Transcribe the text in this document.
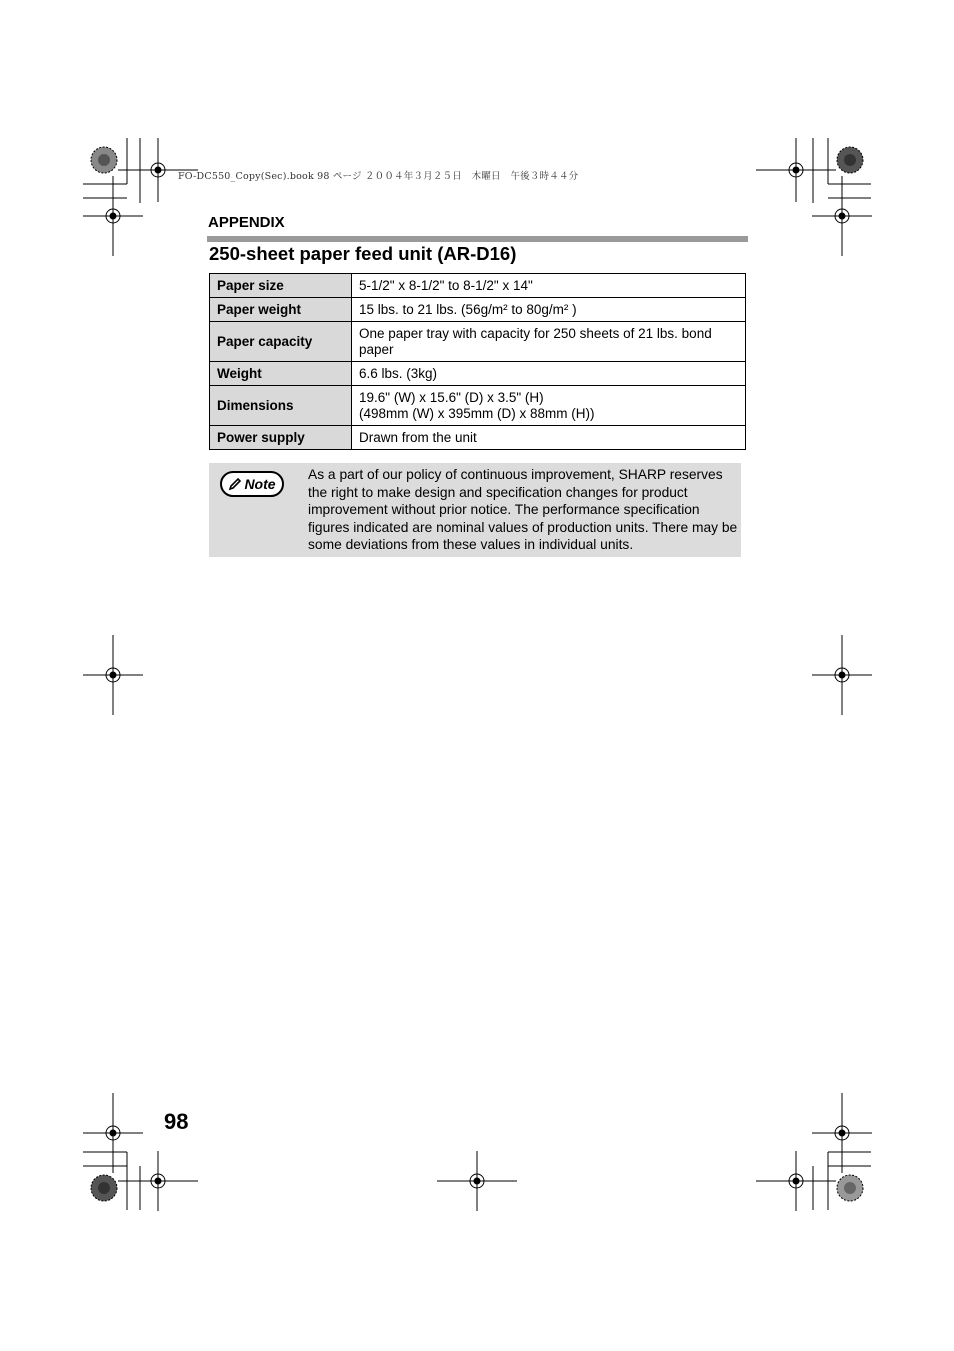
FO-DC550_Copy(Sec).book 98 ページ ２００４年３月２５日　木曜日　午後３時４４分
APPENDIX
250-sheet paper feed unit (AR-D16)
Paper size	5-1/2" x 8-1/2" to 8-1/2" x 14"
Paper weight	15 lbs. to 21 lbs. (56g/m² to 80g/m² )
Paper capacity	One paper tray with capacity for 250 sheets of 21 lbs. bond paper
Weight	6.6 lbs. (3kg)
Dimensions	19.6" (W) x 15.6" (D) x 3.5" (H)
(498mm (W) x 395mm (D) x 88mm (H))

Power supply	Drawn from the unit
Note
As a part of our policy of continuous improvement, SHARP reserves the right to make design and specification changes for product improvement without prior notice. The performance specification figures indicated are nominal values of production units. There may be some deviations from these values in individual units.
98
